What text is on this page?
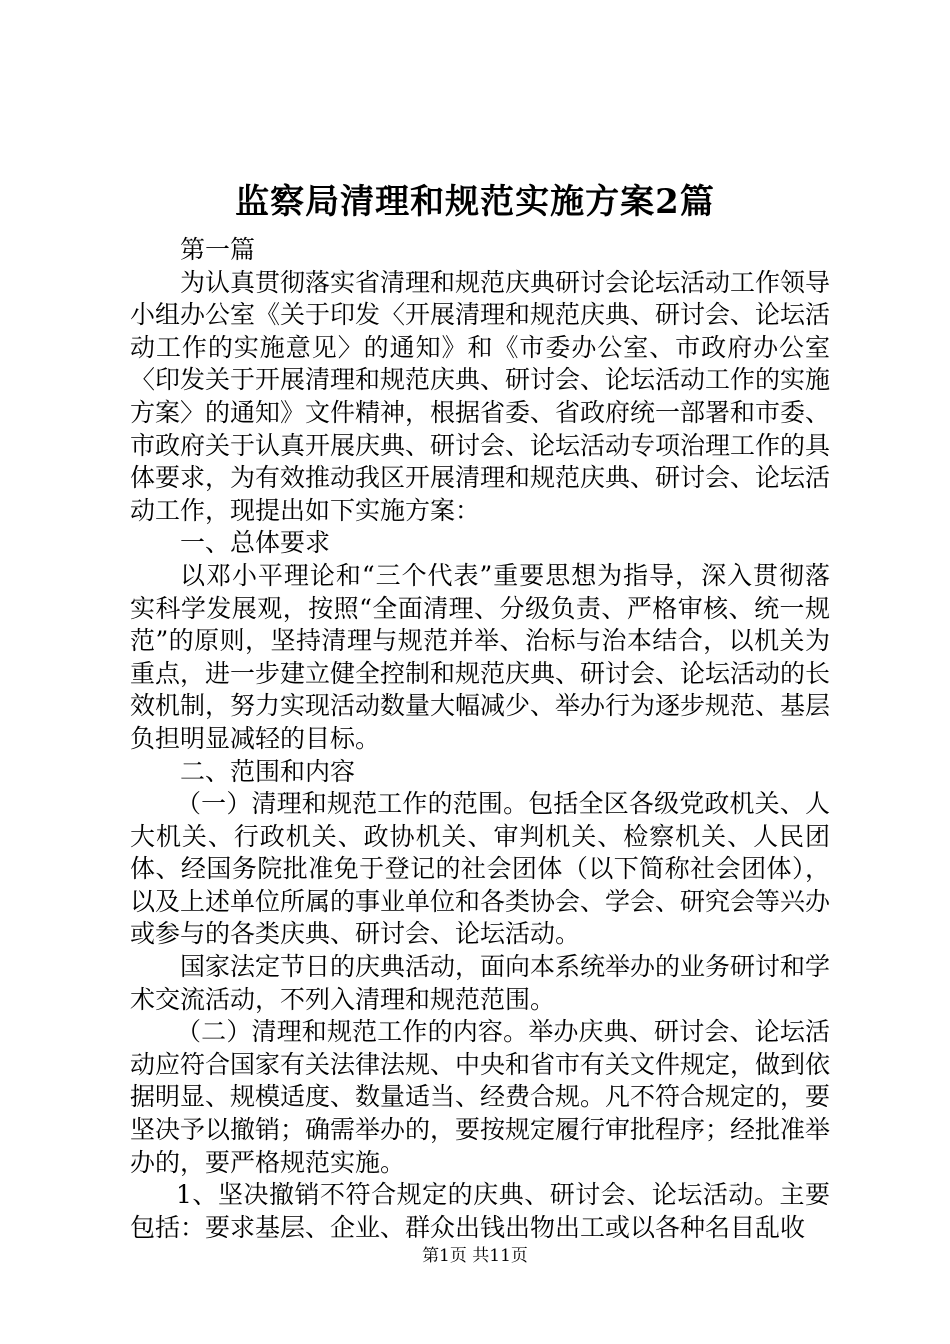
监察局清理和规范实施方案2篇

第一篇

为认真贯彻落实省清理和规范庆典研讨会论坛活动工作领导小组办公室《关于印发〈开展清理和规范庆典、研讨会、论坛活动工作的实施意见〉的通知》和《市委办公室、市政府办公室〈印发关于开展清理和规范庆典、研讨会、论坛活动工作的实施方案〉的通知》文件精神，根据省委、省政府统一部署和市委、市政府关于认真开展庆典、研讨会、论坛活动专项治理工作的具体要求，为有效推动我区开展清理和规范庆典、研讨会、论坛活动工作，现提出如下实施方案：

一、总体要求

以邓小平理论和“三个代表”重要思想为指导，深入贯彻落实科学发展观，按照“全面清理、分级负责、严格审核、统一规范”的原则，坚持清理与规范并举、治标与治本结合，以机关为重点，进一步建立健全控制和规范庆典、研讨会、论坛活动的长效机制，努力实现活动数量大幅减少、举办行为逐步规范、基层负担明显减轻的目标。

二、范围和内容

（一）清理和规范工作的范围。包括全区各级党政机关、人大机关、行政机关、政协机关、审判机关、检察机关、人民团体、经国务院批准免于登记的社会团体（以下简称社会团体），以及上述单位所属的事业单位和各类协会、学会、研究会等兴办或参与的各类庆典、研讨会、论坛活动。

国家法定节日的庆典活动，面向本系统举办的业务研讨和学术交流活动，不列入清理和规范范围。

（二）清理和规范工作的内容。举办庆典、研讨会、论坛活动应符合国家有关法律法规、中央和省市有关文件规定，做到依据明显、规模适度、数量适当、经费合规。凡不符合规定的，要坚决予以撤销；确需举办的，要按规定履行审批程序；经批准举办的，要严格规范实施。

1、坚决撤销不符合规定的庆典、研讨会、论坛活动。主要包括：要求基层、企业、群众出钱出物出工或以各种名目乱收

第1页 共11页
